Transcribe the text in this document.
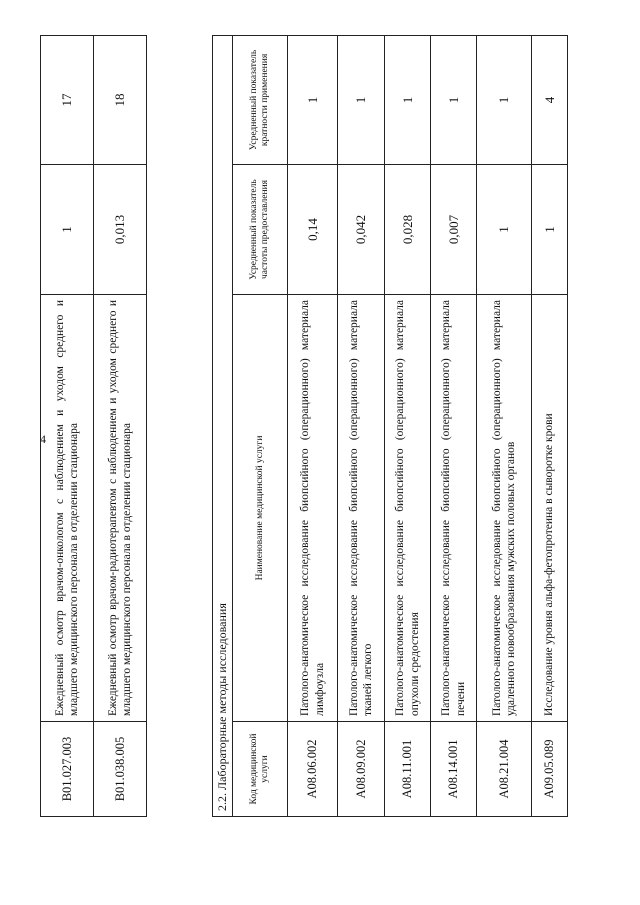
4
B01.027.003	Ежедневный осмотр врачом-онкологом с наблюдением и уходом среднего и младшего медицинского персонала в отделении стационара	1	17
B01.038.005	Ежедневный осмотр врачом-радиотерапевтом с наблюдением и уходом среднего и младшего медицинского персонала в отделении стационара	0,013	18
2.2. Лабораторные методы исследования			
Код медицинской услуги	Наименование медицинской услуги	Усредненный показатель частоты предоставления	Усредненный показатель кратности применения
A08.06.002	Патолого-анатомическое исследование биопсийного (операционного) материала лимфоузла	0,14	1
A08.09.002	Патолого-анатомическое исследование биопсийного (операционного) материала тканей легкого	0,042	1
A08.11.001	Патолого-анатомическое исследование биопсийного (операционного) материала опухоли средостения	0,028	1
A08.14.001	Патолого-анатомическое исследование биопсийного (операционного) материала печени	0,007	1
A08.21.004	Патолого-анатомическое исследование биопсийного (операционного) материала удаленного новообразования мужских половых органов	1	1
A09.05.089	Исследование уровня альфа-фетопротеина в сыворотке крови	1	4
